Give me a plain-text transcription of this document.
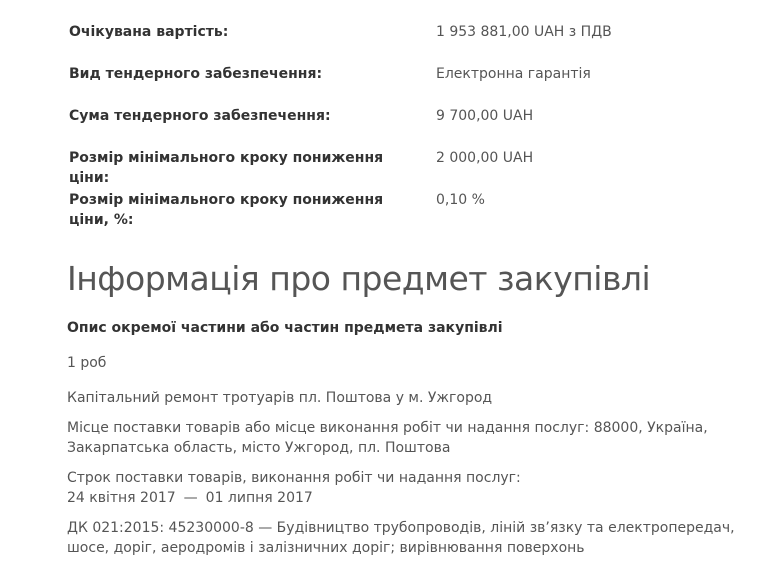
Очікувана вартість:	1 953 881,00 UAH з ПДВ
Вид тендерного забезпечення:	Електронна гарантія
Сума тендерного забезпечення:	9 700,00 UAH
Розмір мінімального кроку пониження ціни:
2 000,00 UAH
Розмір мінімального кроку пониження ціни, %:
0,10 %
Інформація про предмет закупівлі
Опис окремої частини або частин предмета закупівлі
1 роб
Капітальний ремонт тротуарів пл. Поштова у м. Ужгород
Місце поставки товарів або місце виконання робіт чи надання послуг: 88000, Україна,
Закарпатська область, місто Ужгород, пл. Поштова
Строк поставки товарів, виконання робіт чи надання послуг:
24 квітня 2017 — 01 липня 2017
ДК 021:2015: 45230000-8 — Будівництво трубопроводів, ліній зв’язку та електропередач,
шосе, доріг, аеродромів і залізничних доріг; вирівнювання поверхонь
